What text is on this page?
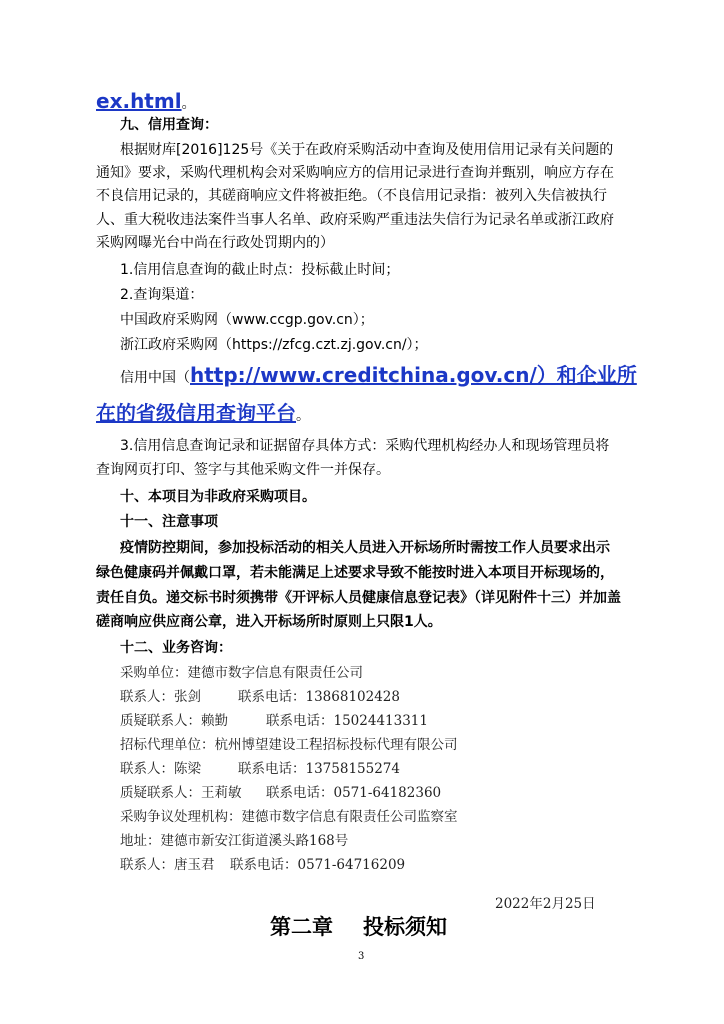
ex.html。
九、信用查询：
根据财库[2016]125号《关于在政府采购活动中查询及使用信用记录有关问题的
通知》要求，采购代理机构会对采购响应方的信用记录进行查询并甄别，响应方存在
不良信用记录的，其磋商响应文件将被拒绝。（不良信用记录指：被列入失信被执行
人、重大税收违法案件当事人名单、政府采购严重违法失信行为记录名单或浙江政府
采购网曝光台中尚在行政处罚期内的）
1.信用信息查询的截止时点：投标截止时间；
2.查询渠道：
中国政府采购网（www.ccgp.gov.cn）；
浙江政府采购网（https://zfcg.czt.zj.gov.cn/）；
信用中国（http://www.creditchina.gov.cn/）和企业所
在的省级信用查询平台。
3.信用信息查询记录和证据留存具体方式：采购代理机构经办人和现场管理员将
查询网页打印、签字与其他采购文件一并保存。
十、本项目为非政府采购项目。
十一、注意事项
疫情防控期间，参加投标活动的相关人员进入开标场所时需按工作人员要求出示
绿色健康码并佩戴口罩，若未能满足上述要求导致不能按时进入本项目开标现场的，
责任自负。递交标书时须携带《开评标人员健康信息登记表》（详见附件十三）并加盖
磋商响应供应商公章，进入开标场所时原则上只限1人。
十二、业务咨询：
采购单位：建德市数字信息有限责任公司
联系人：张剑	联系电话：13868102428
质疑联系人：赖勤	联系电话：15024413311
招标代理单位：杭州博望建设工程招标投标代理有限公司
联系人：陈梁	联系电话：13758155274
质疑联系人：王莉敏 联系电话：0571-64182360
采购争议处理机构：建德市数字信息有限责任公司监察室
地址：建德市新安江街道溪头路168号
联系人：唐玉君 联系电话：0571-64716209
2022年2月25日
第二章 投标须知
3
